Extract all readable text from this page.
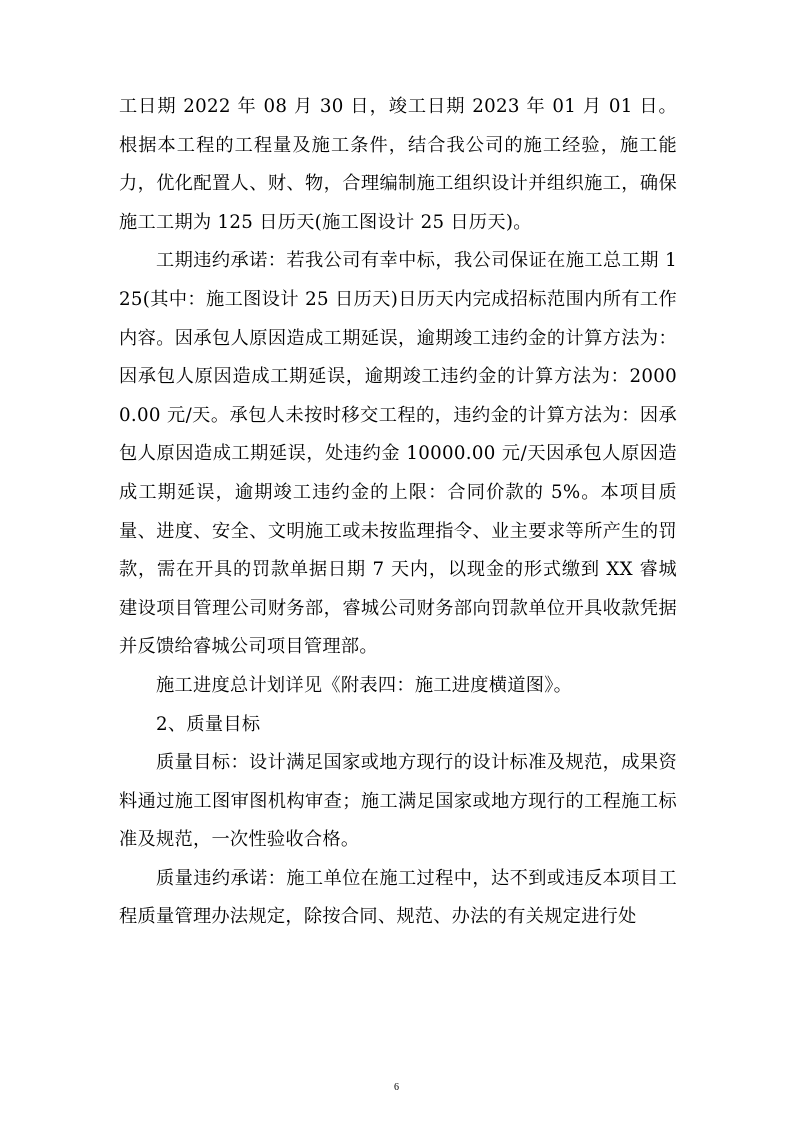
工日期 2022 年 08 月 30 日，竣工日期 2023 年 01 月 01 日。根据本工程的工程量及施工条件，结合我公司的施工经验，施工能力，优化配置人、财、物，合理编制施工组织设计并组织施工，确保施工工期为 125 日历天(施工图设计 25 日历天)。

工期违约承诺：若我公司有幸中标，我公司保证在施工总工期 125(其中：施工图设计 25 日历天)日历天内完成招标范围内所有工作内容。因承包人原因造成工期延误，逾期竣工违约金的计算方法为：因承包人原因造成工期延误，逾期竣工违约金的计算方法为：20000.00 元/天。承包人未按时移交工程的，违约金的计算方法为：因承包人原因造成工期延误，处违约金 10000.00 元/天因承包人原因造成工期延误，逾期竣工违约金的上限：合同价款的 5%。本项目质量、进度、安全、文明施工或未按监理指令、业主要求等所产生的罚款，需在开具的罚款单据日期 7 天内，以现金的形式缴到 XX 睿城建设项目管理公司财务部，睿城公司财务部向罚款单位开具收款凭据并反馈给睿城公司项目管理部。

施工进度总计划详见《附表四：施工进度横道图》。

2、质量目标

质量目标：设计满足国家或地方现行的设计标准及规范，成果资料通过施工图审图机构审查；施工满足国家或地方现行的工程施工标准及规范，一次性验收合格。

质量违约承诺：施工单位在施工过程中，达不到或违反本项目工程质量管理办法规定，除按合同、规范、办法的有关规定进行处

6
